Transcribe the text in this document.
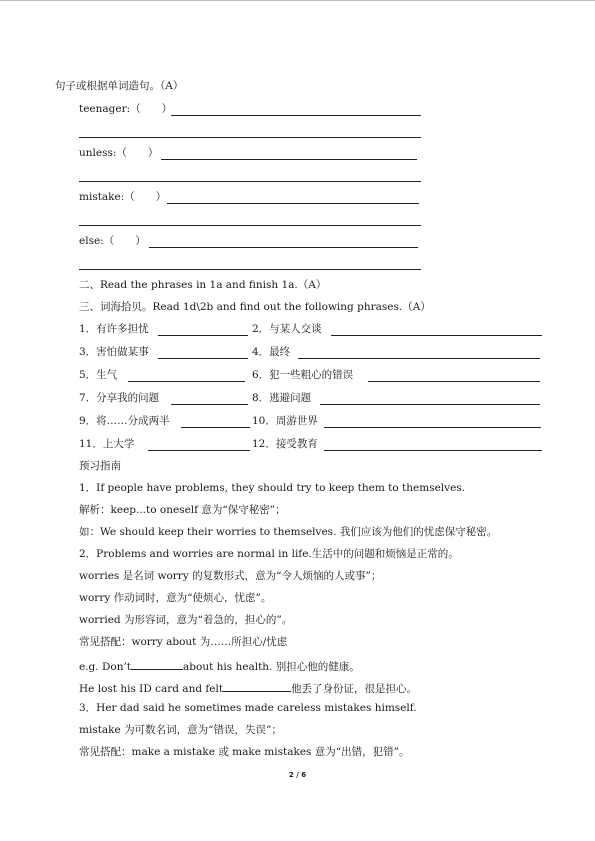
句子或根据单词造句。（A）
teenager:（　　）
unless:（　　）
mistake:（　　）
else:（　　）
二、Read the phrases in 1a and finish 1a.（A）
三、词海拾贝。Read 1d\2b and find out the following phrases.（A）
1．有许多担忧	2．与某人交谈
3．害怕做某事	4．最终
5．生气	6．犯一些粗心的错误
7．分享我的问题	8．逃避问题
9．将……分成两半	10．周游世界
11．上大学	12．接受教育
预习指南
1．If people have problems, they should try to keep them to themselves.
解析：keep...to oneself 意为“保守秘密”；
如：We should keep their worries to themselves. 我们应该为他们的忧虑保守秘密。
2．Problems and worries are normal in life.生活中的问题和烦恼是正常的。
worries 是名词 worry 的复数形式，意为“令人烦恼的人或事”；
worry 作动词时，意为“使烦心，忧虑”。
worried 为形容词，意为“着急的，担心的”。
常见搭配：worry about 为……所担心/忧虑
e.g. Don’t	about his health. 别担心他的健康。
He lost his ID card and felt	他丢了身份证，很是担心。
3．Her dad said he sometimes made careless mistakes himself.
mistake 为可数名词，意为“错误，失误”；
常见搭配：make a mistake 或 make mistakes 意为“出错，犯错”。
2 / 6
